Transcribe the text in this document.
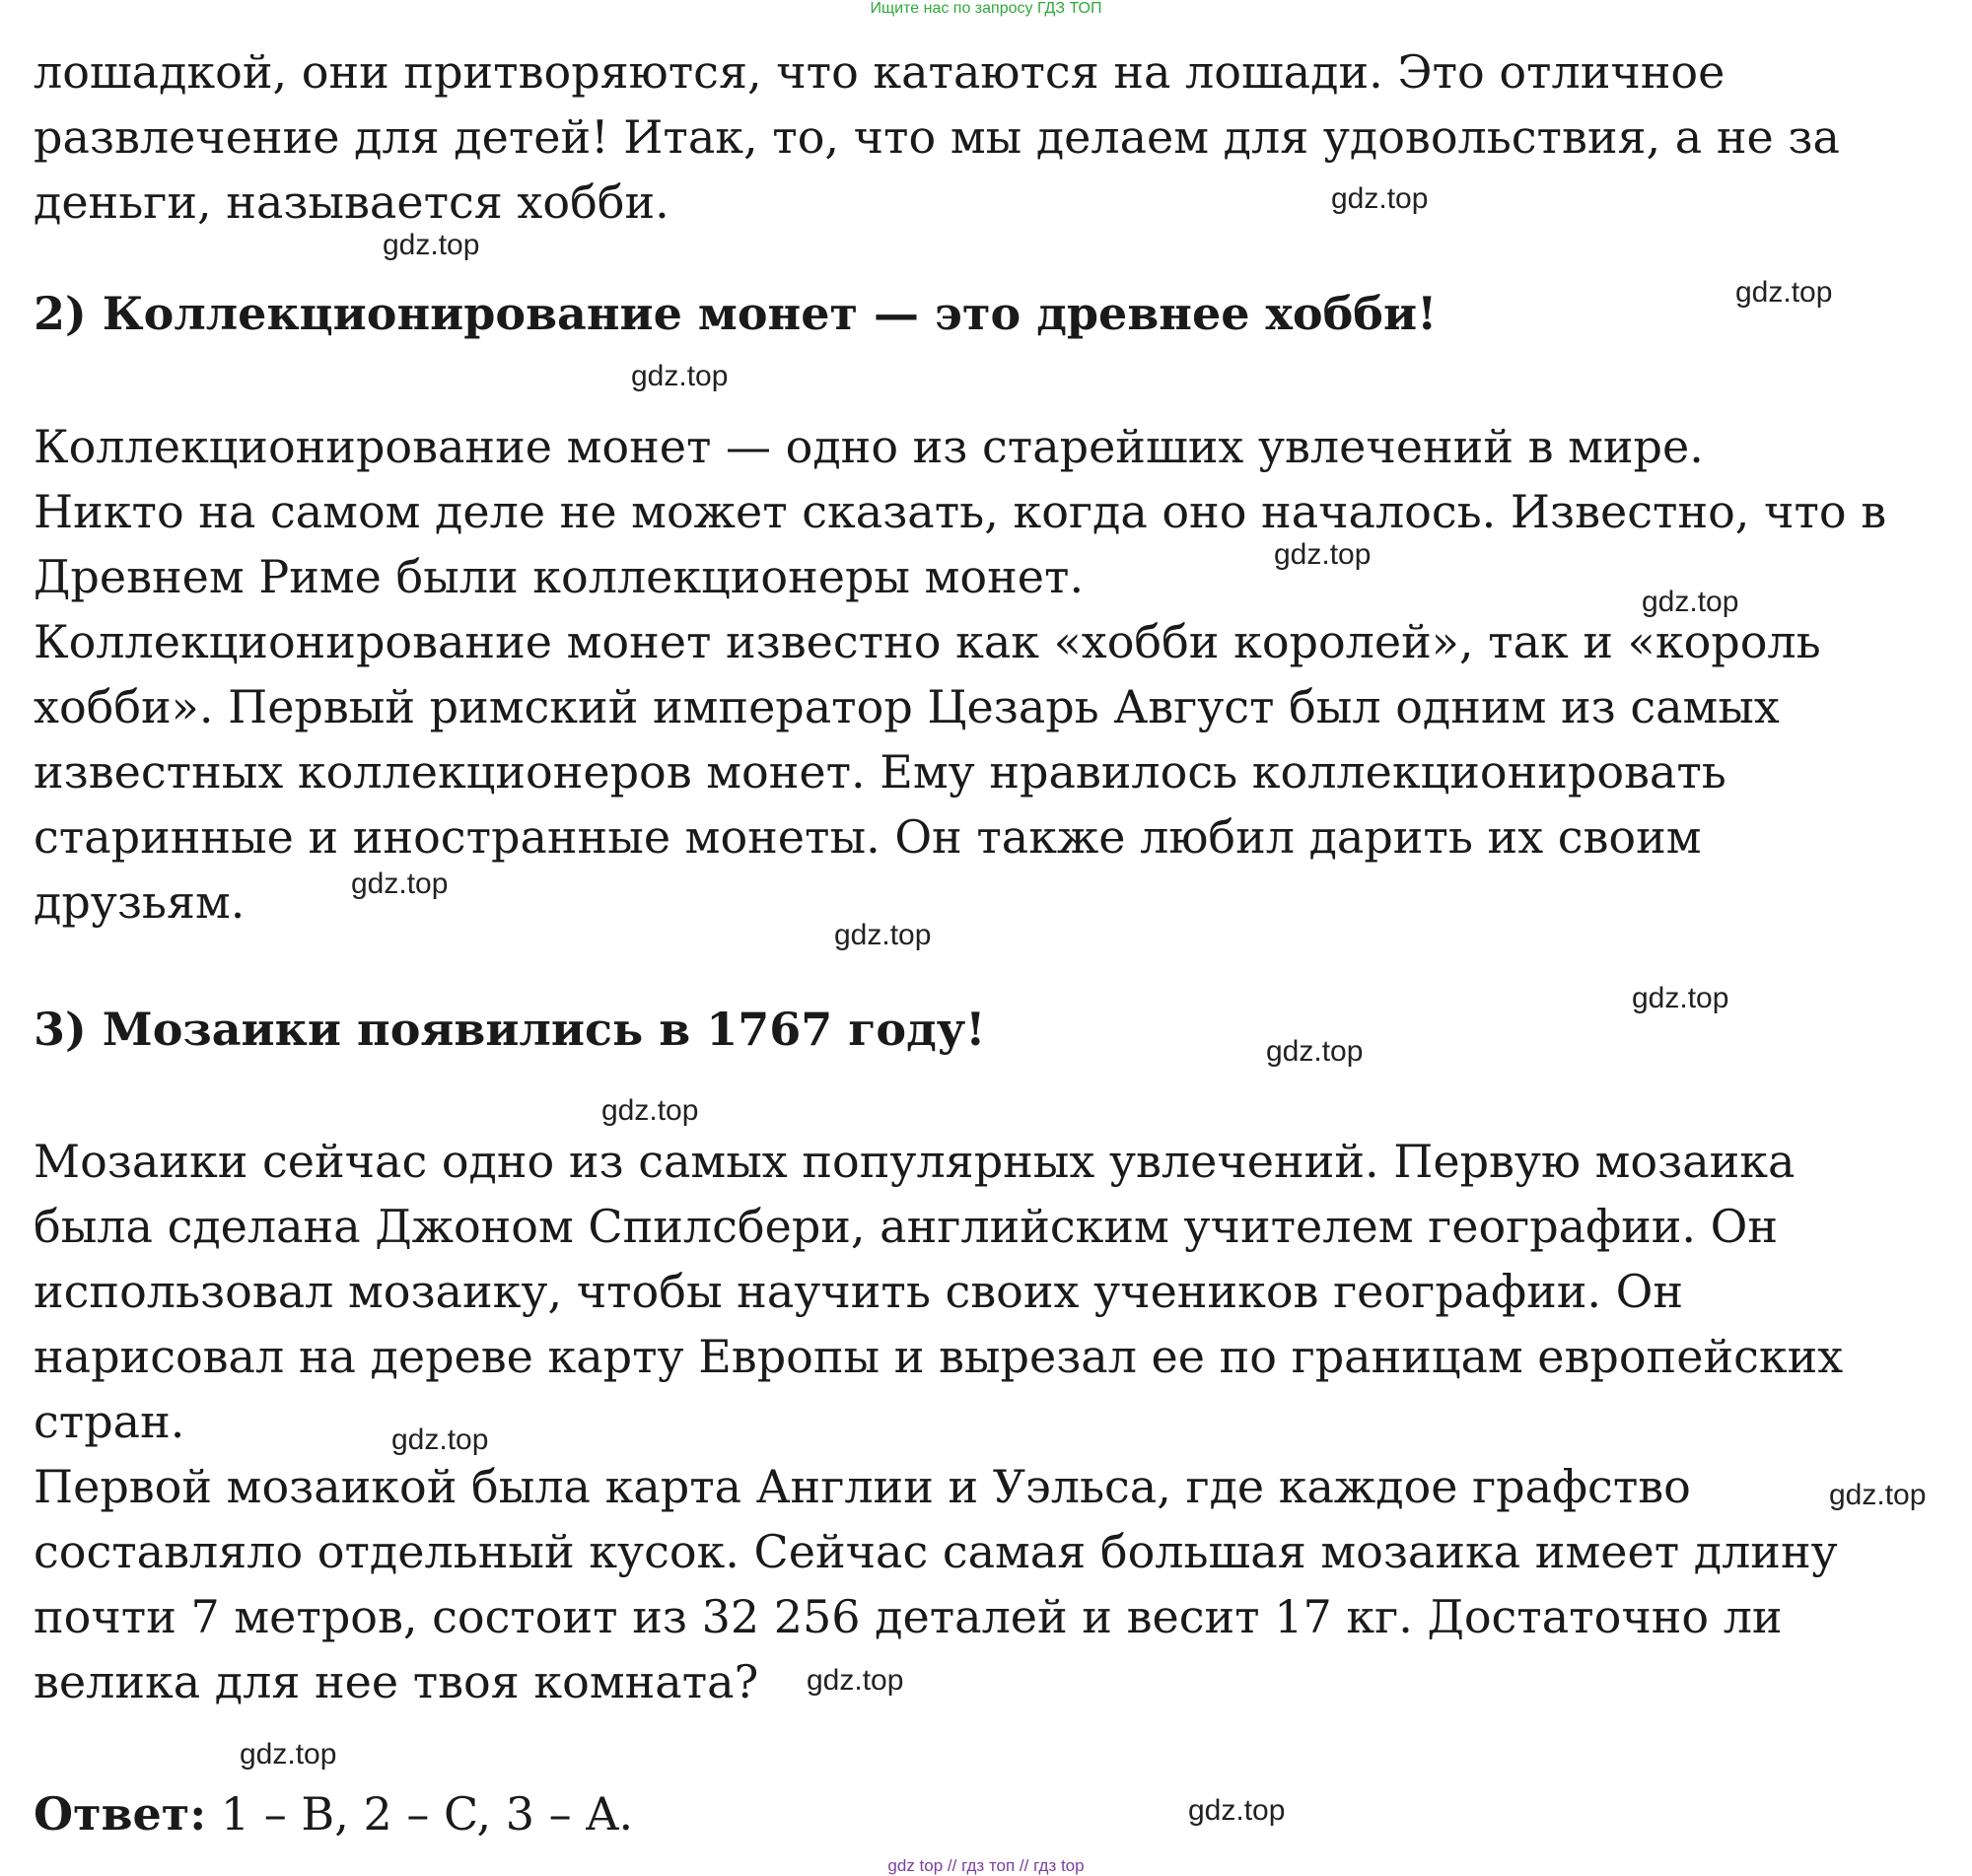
Ищите нас по запросу ГДЗ ТОП
лошадкой, они притворяются, что катаются на лошади. Это отличное
развлечение для детей! Итак, то, что мы делаем для удовольствия, а не за
деньги, называется хобби.
2) Коллекционирование монет — это древнее хобби!
Коллекционирование монет — одно из старейших увлечений в мире.
Никто на самом деле не может сказать, когда оно началось. Известно, что в
Древнем Риме были коллекционеры монет.
Коллекционирование монет известно как «хобби королей», так и «король
хобби». Первый римский император Цезарь Август был одним из самых
известных коллекционеров монет. Ему нравилось коллекционировать
старинные и иностранные монеты. Он также любил дарить их своим
друзьям.
3) Мозаики появились в 1767 году!
Мозаики сейчас одно из самых популярных увлечений. Первую мозаика
была сделана Джоном Спилсбери, английским учителем географии. Он
использовал мозаику, чтобы научить своих учеников географии. Он
нарисовал на дереве карту Европы и вырезал ее по границам европейских
стран.
Первой мозаикой была карта Англии и Уэльса, где каждое графство
составляло отдельный кусок. Сейчас самая большая мозаика имеет длину
почти 7 метров, состоит из 32 256 деталей и весит 17 кг. Достаточно ли
велика для нее твоя комната?
Ответ: 1 – B, 2 – C, 3 – A.
gdz.top
gdz.top
gdz.top
gdz.top
gdz.top
gdz.top
gdz.top
gdz.top
gdz.top
gdz.top
gdz.top
gdz.top
gdz.top
gdz.top
gdz.top
gdz.top
gdz top // гдз топ // гдз top
